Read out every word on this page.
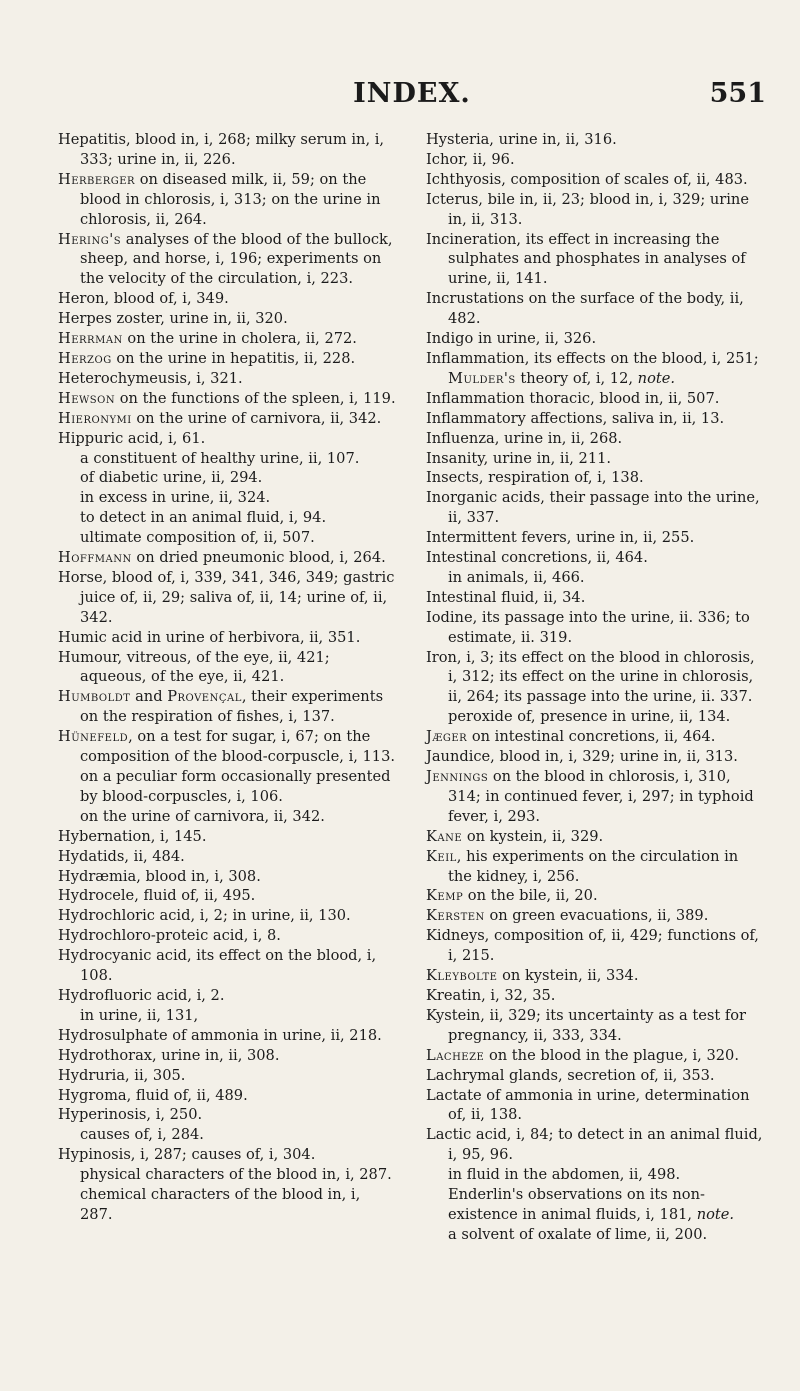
INDEX.	551

Hepatitis, blood in, i, 268; milky serum in, i, 333; urine in, ii, 226.

Herberger on diseased milk, ii, 59; on the blood in chlorosis, i, 313; on the urine in chlorosis, ii, 264.

Hering's analyses of the blood of the bullock, sheep, and horse, i, 196; experiments on the velocity of the circulation, i, 223.

Heron, blood of, i, 349.

Herpes zoster, urine in, ii, 320.

Herrman on the urine in cholera, ii, 272.

Herzog on the urine in hepatitis, ii, 228.

Heterochymeusis, i, 321.

Hewson on the functions of the spleen, i, 119.

Hieronymi on the urine of carnivora, ii, 342.

Hippuric acid, i, 61.

a constituent of healthy urine, ii, 107.

of diabetic urine, ii, 294.

in excess in urine, ii, 324.

to detect in an animal fluid, i, 94.

ultimate composition of, ii, 507.

Hoffmann on dried pneumonic blood, i, 264.

Horse, blood of, i, 339, 341, 346, 349; gastric juice of, ii, 29; saliva of, ii, 14; urine of, ii, 342.

Humic acid in urine of herbivora, ii, 351.

Humour, vitreous, of the eye, ii, 421; aqueous, of the eye, ii, 421.

Humboldt and Provençal, their experiments on the respiration of fishes, i, 137.

Hünefeld, on a test for sugar, i, 67; on the composition of the blood-corpuscle, i, 113.

on a peculiar form occasionally presented by blood-corpuscles, i, 106.

on the urine of carnivora, ii, 342.

Hybernation, i, 145.

Hydatids, ii, 484.

Hydræmia, blood in, i, 308.

Hydrocele, fluid of, ii, 495.

Hydrochloric acid, i, 2; in urine, ii, 130.

Hydrochloro-proteic acid, i, 8.

Hydrocyanic acid, its effect on the blood, i, 108.

Hydrofluoric acid, i, 2.

in urine, ii, 131,

Hydrosulphate of ammonia in urine, ii, 218.

Hydrothorax, urine in, ii, 308.

Hydruria, ii, 305.

Hygroma, fluid of, ii, 489.

Hyperinosis, i, 250.

causes of, i, 284.

Hypinosis, i, 287; causes of, i, 304.

physical characters of the blood in, i, 287.

chemical characters of the blood in, i, 287.

Hysteria, urine in, ii, 316.

Ichor, ii, 96.

Ichthyosis, composition of scales of, ii, 483.

Icterus, bile in, ii, 23; blood in, i, 329; urine in, ii, 313.

Incineration, its effect in increasing the sulphates and phosphates in analyses of urine, ii, 141.

Incrustations on the surface of the body, ii, 482.

Indigo in urine, ii, 326.

Inflammation, its effects on the blood, i, 251; Mulder's theory of, i, 12, note.

Inflammation thoracic, blood in, ii, 507.

Inflammatory affections, saliva in, ii, 13.

Influenza, urine in, ii, 268.

Insanity, urine in, ii, 211.

Insects, respiration of, i, 138.

Inorganic acids, their passage into the urine, ii, 337.

Intermittent fevers, urine in, ii, 255.

Intestinal concretions, ii, 464.

in animals, ii, 466.

Intestinal fluid, ii, 34.

Iodine, its passage into the urine, ii. 336; to estimate, ii. 319.

Iron, i, 3; its effect on the blood in chlorosis, i, 312; its effect on the urine in chlorosis, ii, 264; its passage into the urine, ii. 337.

peroxide of, presence in urine, ii, 134.

Jæger on intestinal concretions, ii, 464.

Jaundice, blood in, i, 329; urine in, ii, 313.

Jennings on the blood in chlorosis, i, 310, 314; in continued fever, i, 297; in typhoid fever, i, 293.

Kane on kystein, ii, 329.

Keil, his experiments on the circulation in the kidney, i, 256.

Kemp on the bile, ii, 20.

Kersten on green evacuations, ii, 389.

Kidneys, composition of, ii, 429; functions of, i, 215.

Kleybolte on kystein, ii, 334.

Kreatin, i, 32, 35.

Kystein, ii, 329; its uncertainty as a test for pregnancy, ii, 333, 334.

Lacheze on the blood in the plague, i, 320.

Lachrymal glands, secretion of, ii, 353.

Lactate of ammonia in urine, determination of, ii, 138.

Lactic acid, i, 84; to detect in an animal fluid, i, 95, 96.

in fluid in the abdomen, ii, 498.

Enderlin's observations on its non-existence in animal fluids, i, 181, note.

a solvent of oxalate of lime, ii, 200.
